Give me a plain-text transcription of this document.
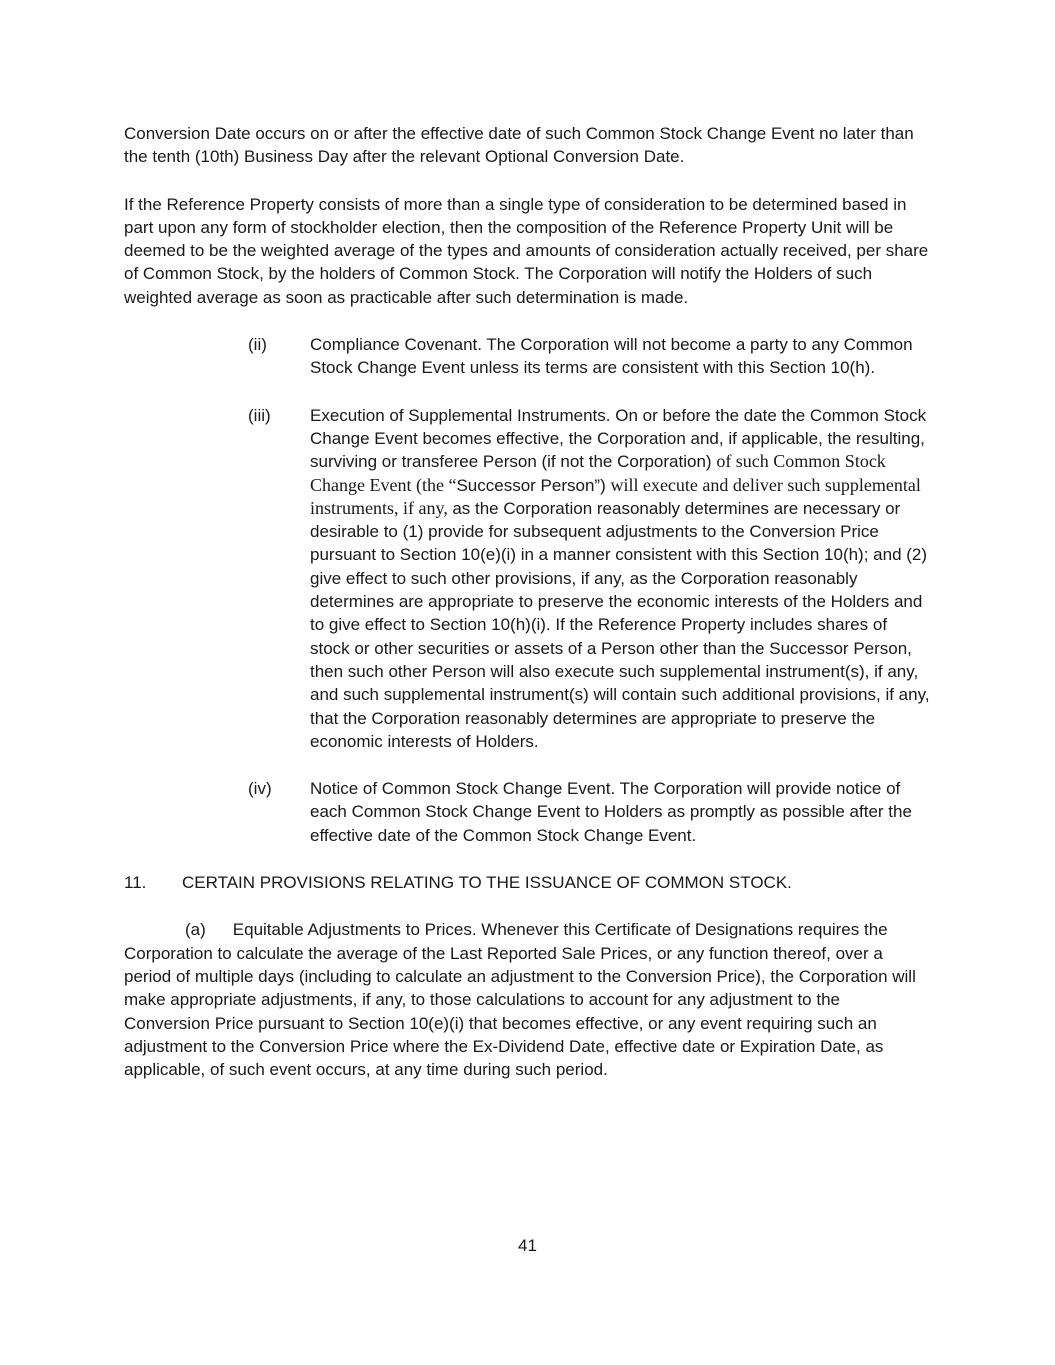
Conversion Date occurs on or after the effective date of such Common Stock Change Event no later than the tenth (10th) Business Day after the relevant Optional Conversion Date.

If the Reference Property consists of more than a single type of consideration to be determined based in part upon any form of stockholder election, then the composition of the Reference Property Unit will be deemed to be the weighted average of the types and amounts of consideration actually received, per share of Common Stock, by the holders of Common Stock. The Corporation will notify the Holders of such weighted average as soon as practicable after such determination is made.

(ii)	Compliance Covenant. The Corporation will not become a party to any Common Stock Change Event unless its terms are consistent with this Section 10(h).
(iii)	Execution of Supplemental Instruments. On or before the date the Common Stock Change Event becomes effective, the Corporation and, if applicable, the resulting, surviving or transferee Person (if not the Corporation) of such Common Stock Change Event (the “Successor Person”) will execute and deliver such supplemental instruments, if any, as the Corporation reasonably determines are necessary or desirable to (1) provide for subsequent adjustments to the Conversion Price pursuant to Section 10(e)(i) in a manner consistent with this Section 10(h); and (2) give effect to such other provisions, if any, as the Corporation reasonably determines are appropriate to preserve the economic interests of the Holders and to give effect to Section 10(h)(i). If the Reference Property includes shares of stock or other securities or assets of a Person other than the Successor Person, then such other Person will also execute such supplemental instrument(s), if any, and such supplemental instrument(s) will contain such additional provisions, if any, that the Corporation reasonably determines are appropriate to preserve the economic interests of Holders.
(iv)	Notice of Common Stock Change Event. The Corporation will provide notice of each Common Stock Change Event to Holders as promptly as possible after the effective date of the Common Stock Change Event.
11.	CERTAIN PROVISIONS RELATING TO THE ISSUANCE OF COMMON STOCK.

(a) Equitable Adjustments to Prices. Whenever this Certificate of Designations requires the Corporation to calculate the average of the Last Reported Sale Prices, or any function thereof, over a period of multiple days (including to calculate an adjustment to the Conversion Price), the Corporation will make appropriate adjustments, if any, to those calculations to account for any adjustment to the Conversion Price pursuant to Section 10(e)(i) that becomes effective, or any event requiring such an adjustment to the Conversion Price where the Ex-Dividend Date, effective date or Expiration Date, as applicable, of such event occurs, at any time during such period.

41
